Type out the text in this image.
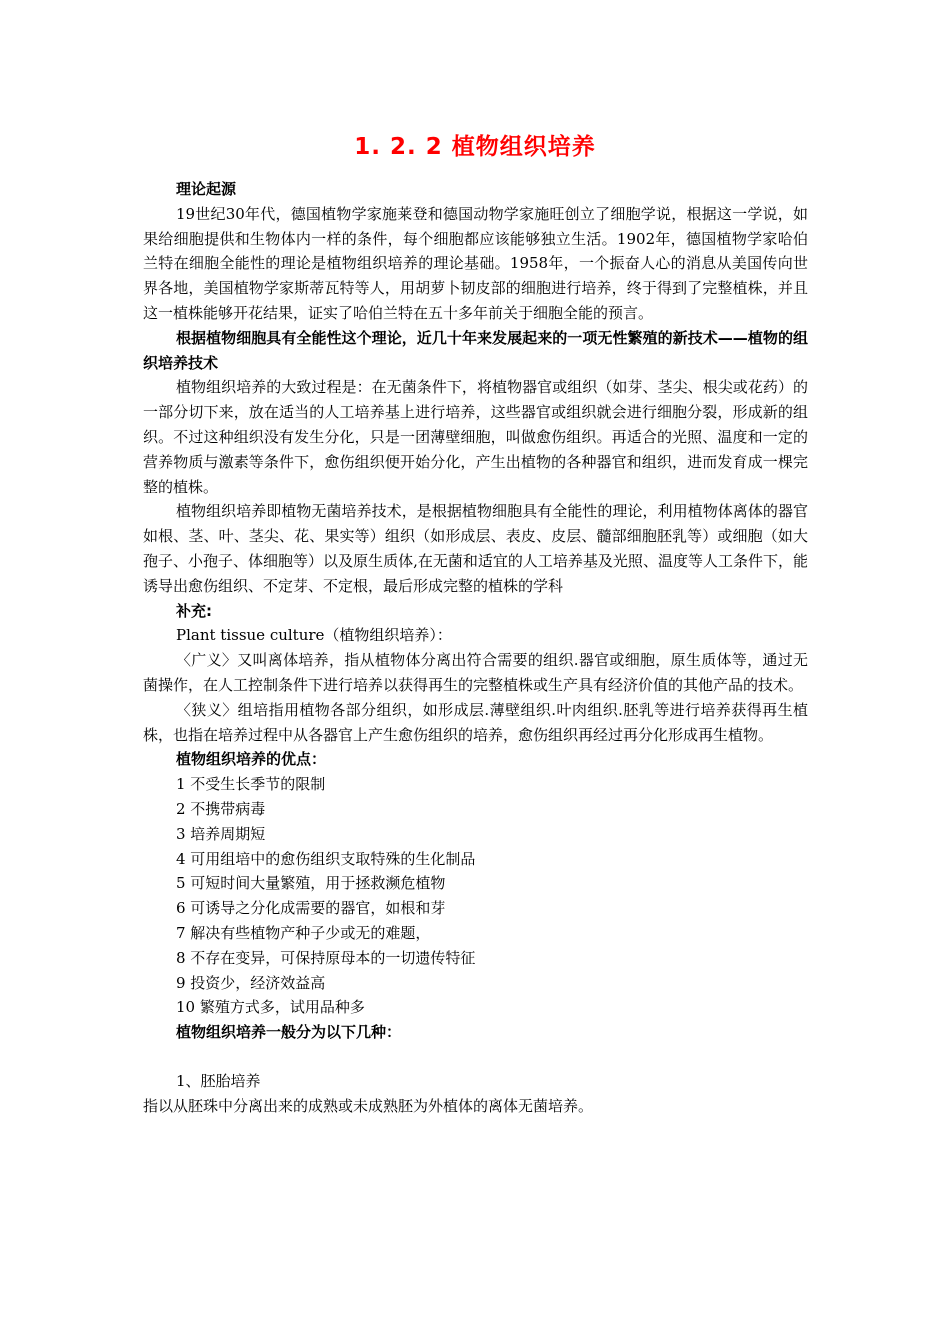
1. 2. 2 植物组织培养

理论起源

19世纪30年代，德国植物学家施莱登和德国动物学家施旺创立了细胞学说，根据这一学说，如果给细胞提供和生物体内一样的条件，每个细胞都应该能够独立生活。1902年，德国植物学家哈伯兰特在细胞全能性的理论是植物组织培养的理论基础。1958年，一个振奋人心的消息从美国传向世界各地，美国植物学家斯蒂瓦特等人，用胡萝卜韧皮部的细胞进行培养，终于得到了完整植株，并且这一植株能够开花结果，证实了哈伯兰特在五十多年前关于细胞全能的预言。

根据植物细胞具有全能性这个理论，近几十年来发展起来的一项无性繁殖的新技术——植物的组织培养技术

植物组织培养的大致过程是：在无菌条件下，将植物器官或组织（如芽、茎尖、根尖或花药）的一部分切下来，放在适当的人工培养基上进行培养，这些器官或组织就会进行细胞分裂，形成新的组织。不过这种组织没有发生分化，只是一团薄壁细胞，叫做愈伤组织。再适合的光照、温度和一定的营养物质与激素等条件下，愈伤组织便开始分化，产生出植物的各种器官和组织，进而发育成一棵完整的植株。

植物组织培养即植物无菌培养技术，是根据植物细胞具有全能性的理论，利用植物体离体的器官如根、茎、叶、茎尖、花、果实等）组织（如形成层、表皮、皮层、髓部细胞胚乳等）或细胞（如大孢子、小孢子、体细胞等）以及原生质体,在无菌和适宜的人工培养基及光照、温度等人工条件下，能诱导出愈伤组织、不定芽、不定根，最后形成完整的植株的学科

补充:

Plant tissue culture（植物组织培养）：

〈广义〉又叫离体培养，指从植物体分离出符合需要的组织.器官或细胞，原生质体等，通过无菌操作，在人工控制条件下进行培养以获得再生的完整植株或生产具有经济价值的其他产品的技术。

〈狭义〉组培指用植物各部分组织，如形成层.薄壁组织.叶肉组织.胚乳等进行培养获得再生植株，也指在培养过程中从各器官上产生愈伤组织的培养，愈伤组织再经过再分化形成再生植物。

植物组织培养的优点：

1 不受生长季节的限制

2 不携带病毒

3 培养周期短

4 可用组培中的愈伤组织支取特殊的生化制品

5 可短时间大量繁殖，用于拯救濒危植物

6 可诱导之分化成需要的器官，如根和芽

7 解决有些植物产种子少或无的难题，

8 不存在变异，可保持原母本的一切遗传特征

9 投资少，经济效益高

10 繁殖方式多，试用品种多

植物组织培养一般分为以下几种：

1、胚胎培养

指以从胚珠中分离出来的成熟或未成熟胚为外植体的离体无菌培养。
